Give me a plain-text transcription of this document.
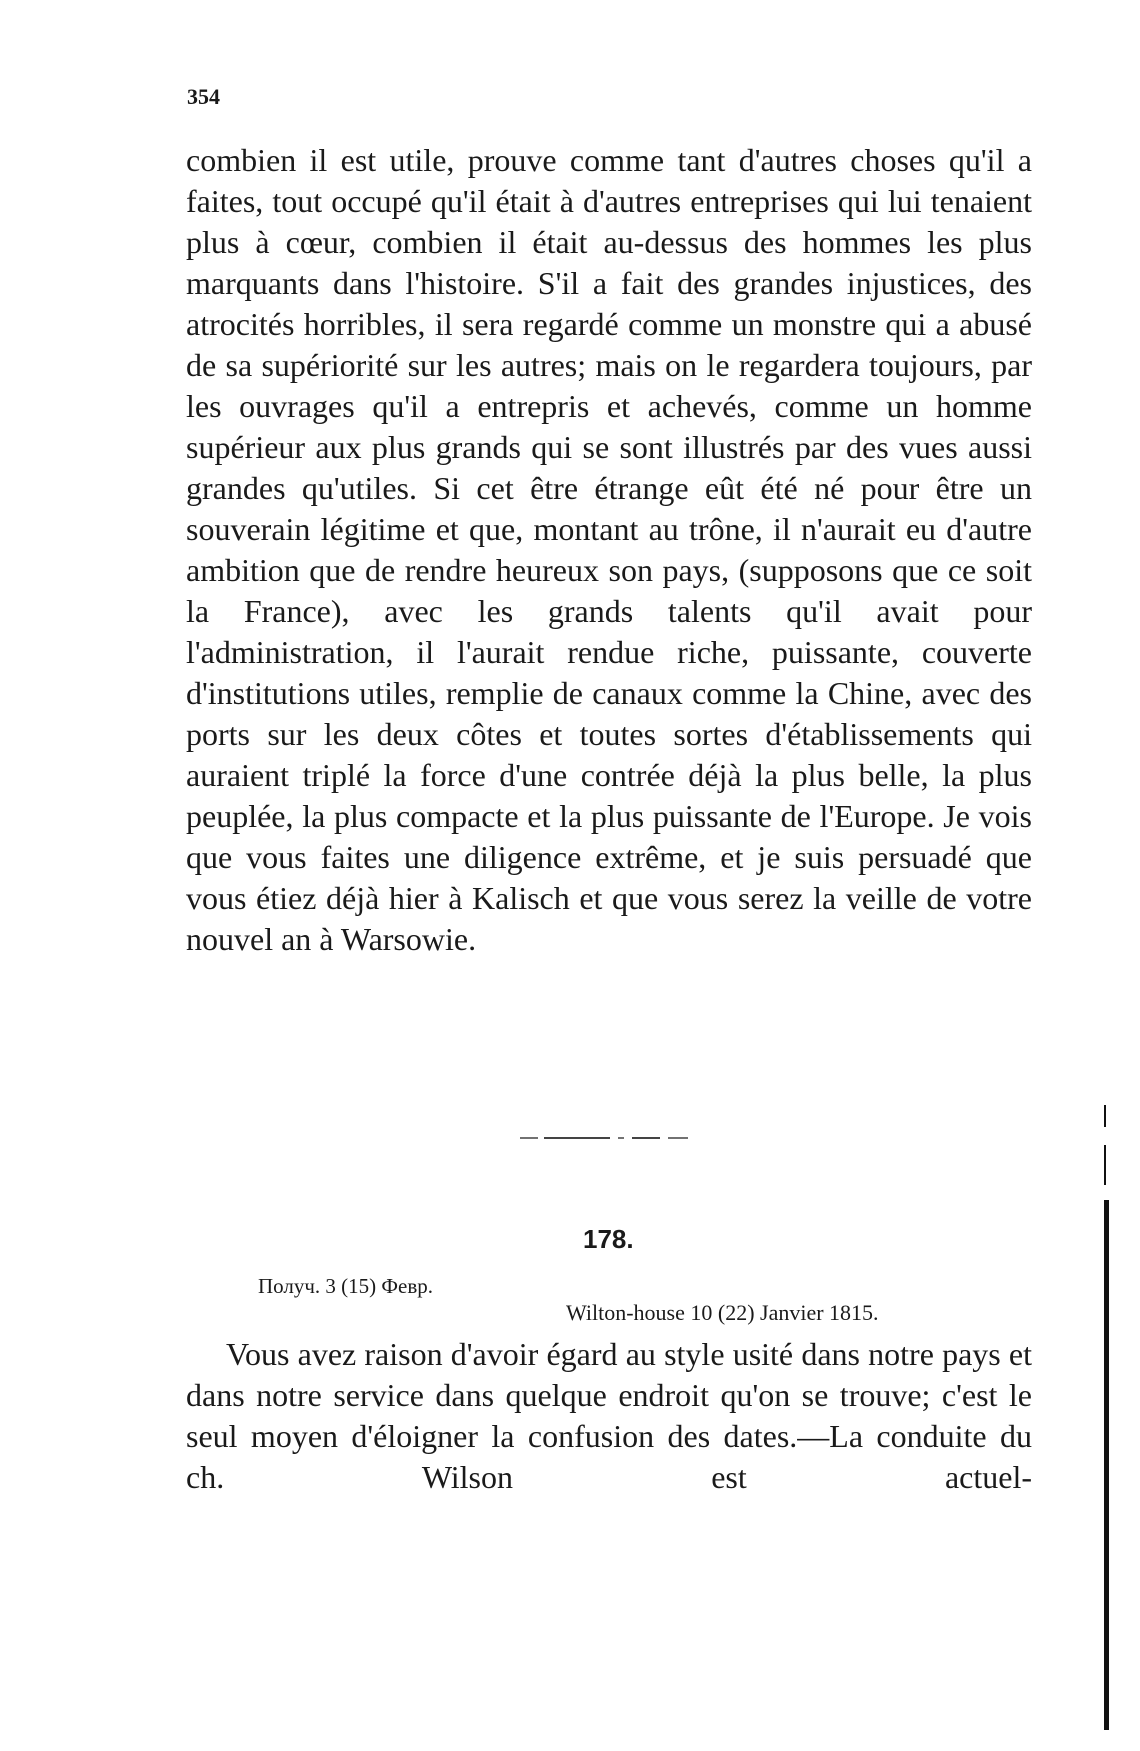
354

combien il est utile, prouve comme tant d'autres choses qu'il a faites, tout occupé qu'il était à d'autres entreprises qui lui tenaient plus à cœur, combien il était au-dessus des hommes les plus marquants dans l'histoire. S'il a fait des grandes injustices, des atrocités horribles, il sera regardé comme un monstre qui a abusé de sa supériorité sur les autres; mais on le regardera toujours, par les ouvrages qu'il a entrepris et achevés, comme un homme supérieur aux plus grands qui se sont illustrés par des vues aussi grandes qu'utiles. Si cet être étrange eût été né pour être un souverain légitime et que, montant au trône, il n'aurait eu d'autre ambition que de rendre heureux son pays, (supposons que ce soit la France), avec les grands talents qu'il avait pour l'administration, il l'aurait rendue riche, puissante, couverte d'institutions utiles, remplie de canaux comme la Chine, avec des ports sur les deux côtes et toutes sortes d'établissements qui auraient triplé la force d'une contrée déjà la plus belle, la plus peuplée, la plus compacte et la plus puissante de l'Europe. Je vois que vous faites une diligence extrême, et je suis persuadé que vous étiez déjà hier à Kalisch et que vous serez la veille de votre nouvel an à Warsowie.

178.
Получ. 3 (15) Февр.
Wilton-house 10 (22) Janvier 1815.

Vous avez raison d'avoir égard au style usité dans notre pays et dans notre service dans quelque endroit qu'on se trouve; c'est le seul moyen d'éloigner la confusion des dates.—La conduite du ch. Wilson est actuel-
